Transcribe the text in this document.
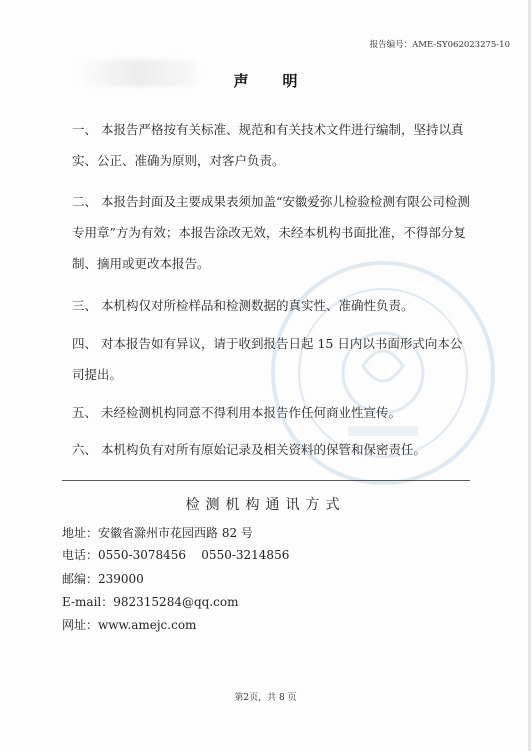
报告编号：AME-SY062023275-10
声明

一、 本报告严格按有关标准、规范和有关技术文件进行编制，坚持以真实、公正、准确为原则，对客户负责。

二、 本报告封面及主要成果表须加盖“安徽爱弥儿检验检测有限公司检测专用章”方为有效；本报告涂改无效，未经本机构书面批准，不得部分复制、摘用或更改本报告。

三、 本机构仅对所检样品和检测数据的真实性、准确性负责。

四、 对本报告如有异议，请于收到报告日起 15 日内以书面形式向本公司提出。

五、 未经检测机构同意不得利用本报告作任何商业性宣传。

六、 本机构负有对所有原始记录及相关资料的保管和保密责任。

检测机构通讯方式
地址：安徽省滁州市花园西路 82 号
电话：0550-3078456    0550-3214856
邮编：239000
E-mail：982315284@qq.com
网址：www.amejc.com
第2页，共 8 页
